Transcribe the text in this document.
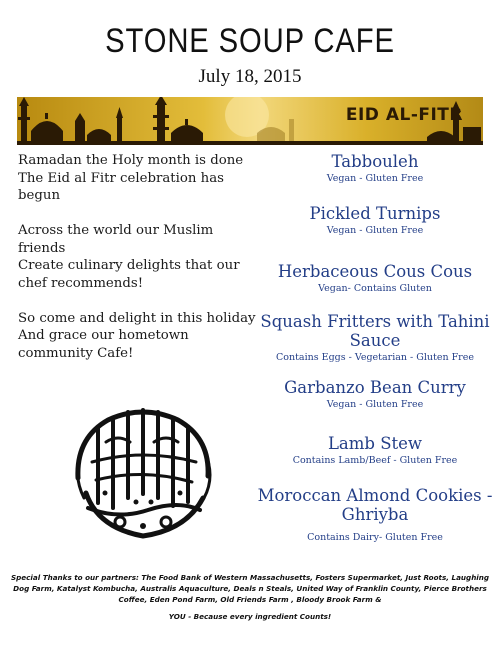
STONE SOUP CAFE
July 18, 2015
EID AL-FITR

Ramadan the Holy month is done
The Eid al Fitr celebration has
begun

Across the world our Muslim
friends
Create culinary delights that our
chef recommends!

So come and delight in this holiday
And grace our hometown
community Cafe!

Tabbouleh
Vegan - Gluten Free
Pickled Turnips
Vegan - Gluten Free
Herbaceous Cous Cous
Vegan- Contains Gluten
Squash Fritters with Tahini Sauce
Contains Eggs - Vegetarian - Gluten Free
Garbanzo Bean Curry
Vegan - Gluten Free
Lamb Stew
Contains Lamb/Beef - Gluten Free
Moroccan Almond Cookies - Ghriyba
Contains Dairy- Gluten Free
Special Thanks to our partners: The Food Bank of Western Massachusetts, Fosters Supermarket, Just Roots, Laughing Dog Farm, Katalyst Kombucha, Australis Aquaculture, Deals n Steals, United Way of Franklin County, Pierce Brothers Coffee, Eden Pond Farm, Old Friends Farm , Bloody Brook Farm &
YOU - Because every ingredient Counts!
